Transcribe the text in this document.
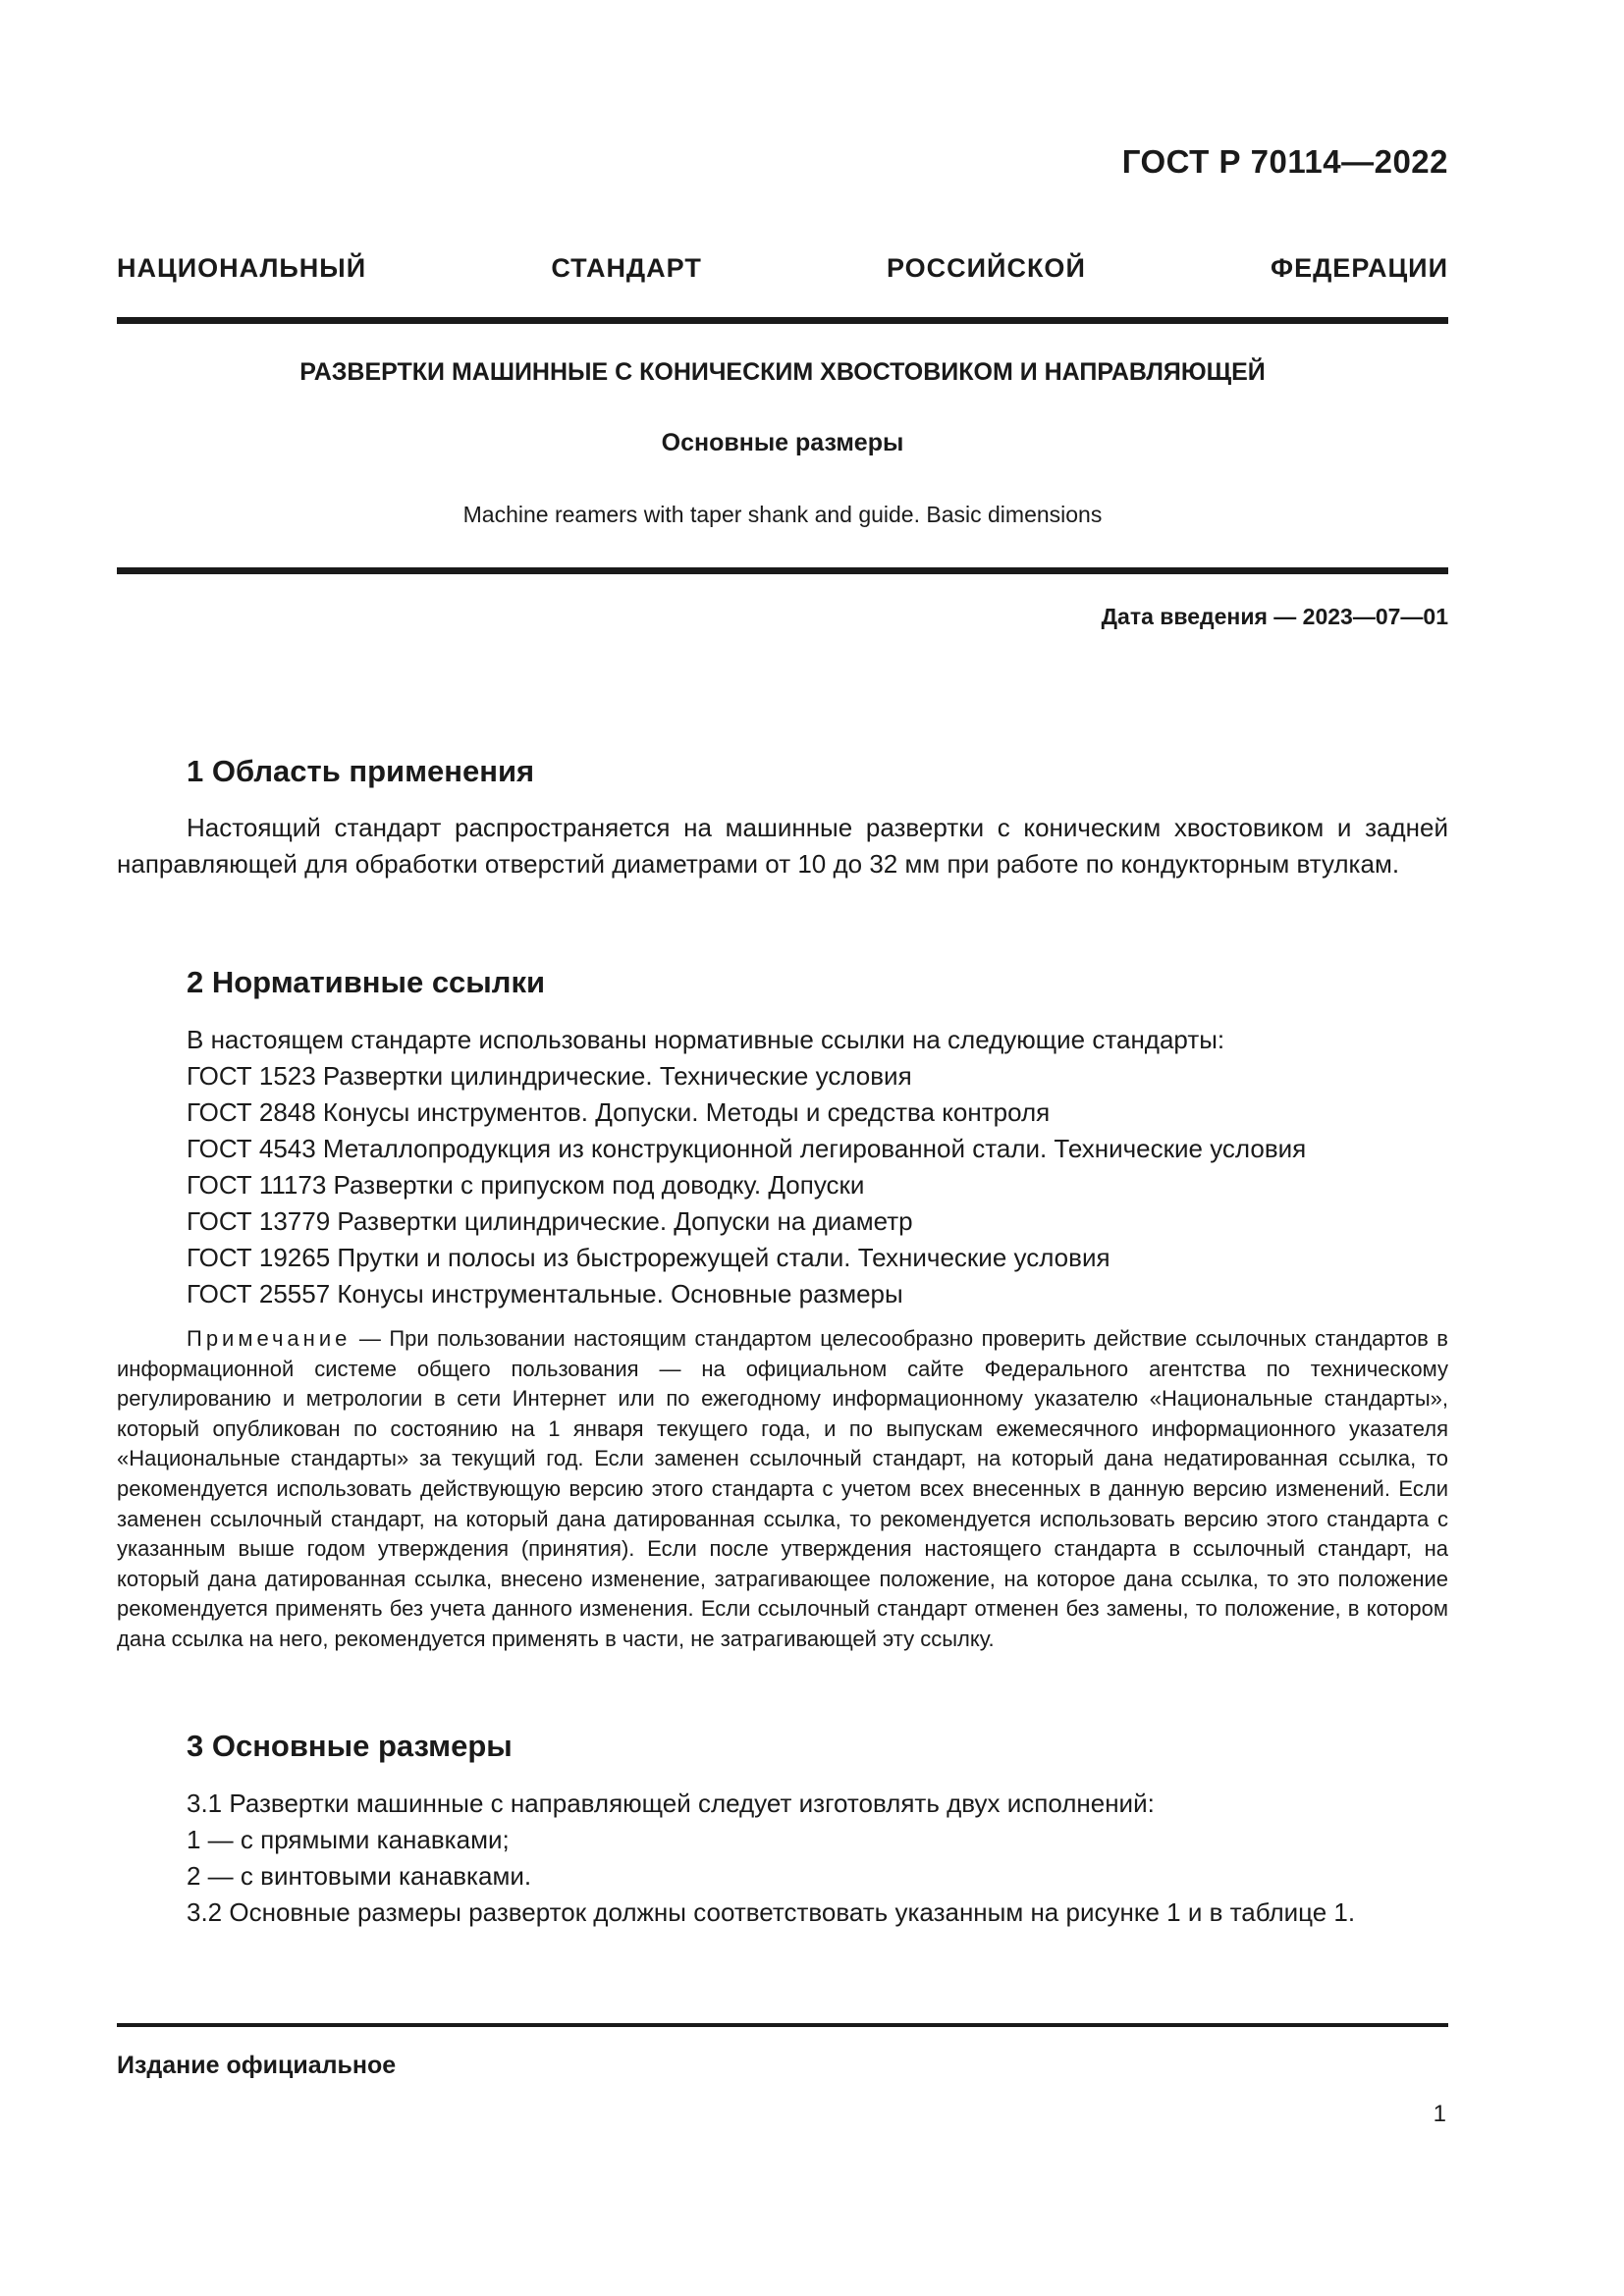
ГОСТ Р 70114—2022
НАЦИОНАЛЬНЫЙ СТАНДАРТ РОССИЙСКОЙ ФЕДЕРАЦИИ
РАЗВЕРТКИ МАШИННЫЕ С КОНИЧЕСКИМ ХВОСТОВИКОМ И НАПРАВЛЯЮЩЕЙ
Основные размеры
Machine reamers with taper shank and guide. Basic dimensions
Дата введения — 2023—07—01
1 Область применения
Настоящий стандарт распространяется на машинные развертки с коническим хвостовиком и задней направляющей для обработки отверстий диаметрами от 10 до 32 мм при работе по кондукторным втулкам.
2 Нормативные ссылки
В настоящем стандарте использованы нормативные ссылки на следующие стандарты:
ГОСТ 1523 Развертки цилиндрические. Технические условия
ГОСТ 2848 Конусы инструментов. Допуски. Методы и средства контроля
ГОСТ 4543 Металлопродукция из конструкционной легированной стали. Технические условия
ГОСТ 11173 Развертки с припуском под доводку. Допуски
ГОСТ 13779 Развертки цилиндрические. Допуски на диаметр
ГОСТ 19265 Прутки и полосы из быстрорежущей стали. Технические условия
ГОСТ 25557 Конусы инструментальные. Основные размеры
Примечание — При пользовании настоящим стандартом целесообразно проверить действие ссылочных стандартов в информационной системе общего пользования — на официальном сайте Федерального агентства по техническому регулированию и метрологии в сети Интернет или по ежегодному информационному указателю «Национальные стандарты», который опубликован по состоянию на 1 января текущего года, и по выпускам ежемесячного информационного указателя «Национальные стандарты» за текущий год. Если заменен ссылочный стандарт, на который дана недатированная ссылка, то рекомендуется использовать действующую версию этого стандарта с учетом всех внесенных в данную версию изменений. Если заменен ссылочный стандарт, на который дана датированная ссылка, то рекомендуется использовать версию этого стандарта с указанным выше годом утверждения (принятия). Если после утверждения настоящего стандарта в ссылочный стандарт, на который дана датированная ссылка, внесено изменение, затрагивающее положение, на которое дана ссылка, то это положение рекомендуется применять без учета данного изменения. Если ссылочный стандарт отменен без замены, то положение, в котором дана ссылка на него, рекомендуется применять в части, не затрагивающей эту ссылку.
3 Основные размеры
3.1 Развертки машинные с направляющей следует изготовлять двух исполнений:
1 — с прямыми канавками;
2 — с винтовыми канавками.
3.2 Основные размеры разверток должны соответствовать указанным на рисунке 1 и в таблице 1.
Издание официальное
1
